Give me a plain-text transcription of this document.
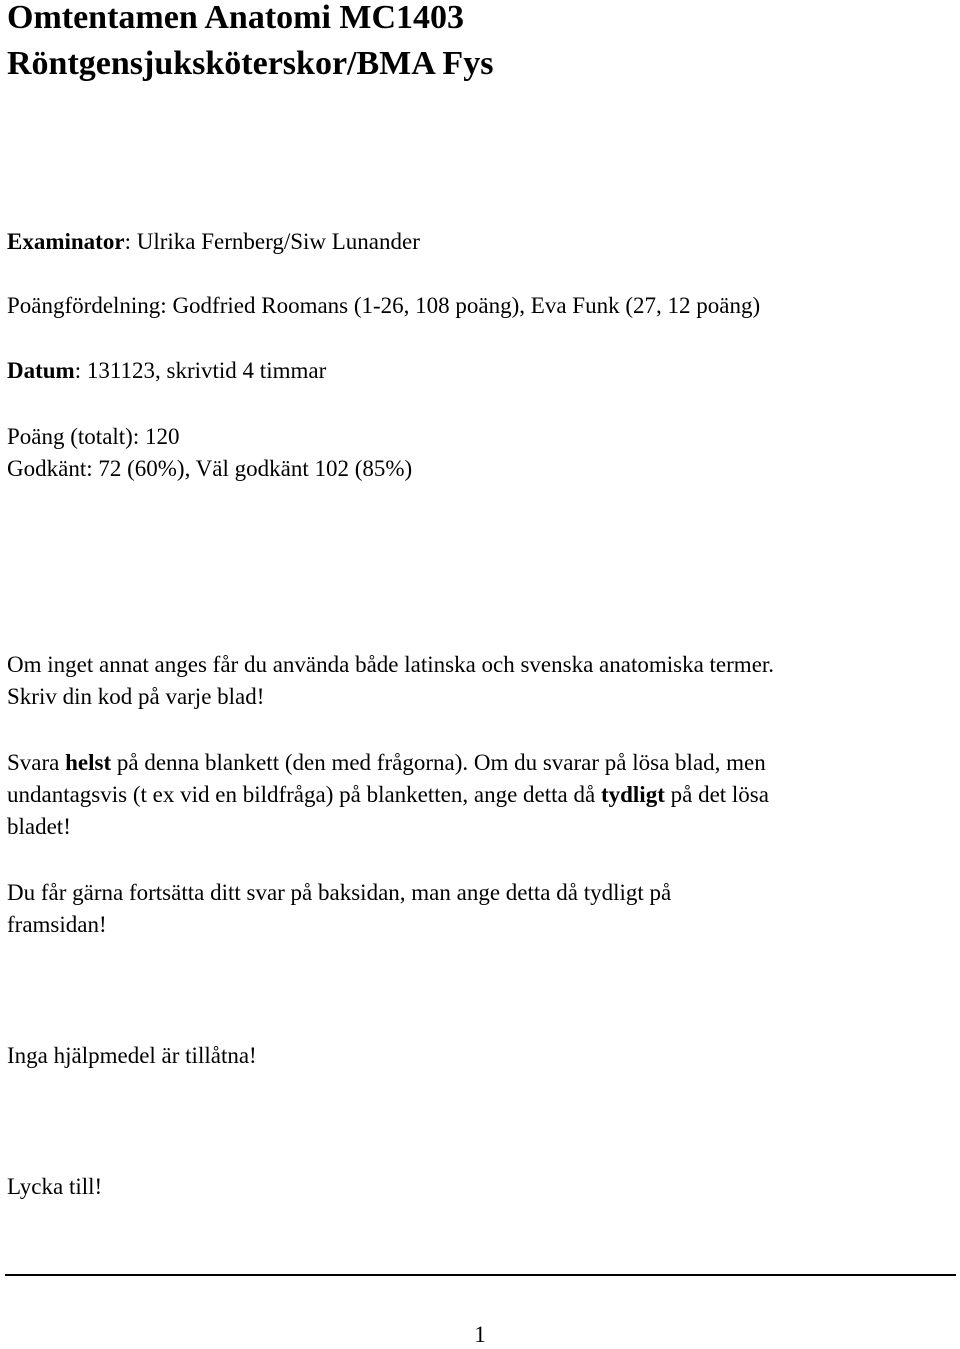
Omtentamen Anatomi MC1403
Röntgensjuksköterskor/BMA Fys
Examinator: Ulrika Fernberg/Siw Lunander
Poängfördelning: Godfried Roomans (1-26, 108 poäng), Eva Funk (27, 12 poäng)
Datum: 131123, skrivtid 4 timmar
Poäng (totalt): 120
Godkänt: 72 (60%), Väl godkänt 102 (85%)
Om inget annat anges får du använda både latinska och svenska anatomiska termer.
Skriv din kod på varje blad!
Svara helst på denna blankett (den med frågorna). Om du svarar på lösa blad, men
undantagsvis (t ex vid en bildfråga) på blanketten, ange detta då tydligt på det lösa
bladet!
Du får gärna fortsätta ditt svar på baksidan, man ange detta då tydligt på
framsidan!
Inga hjälpmedel är tillåtna!
Lycka till!
1
